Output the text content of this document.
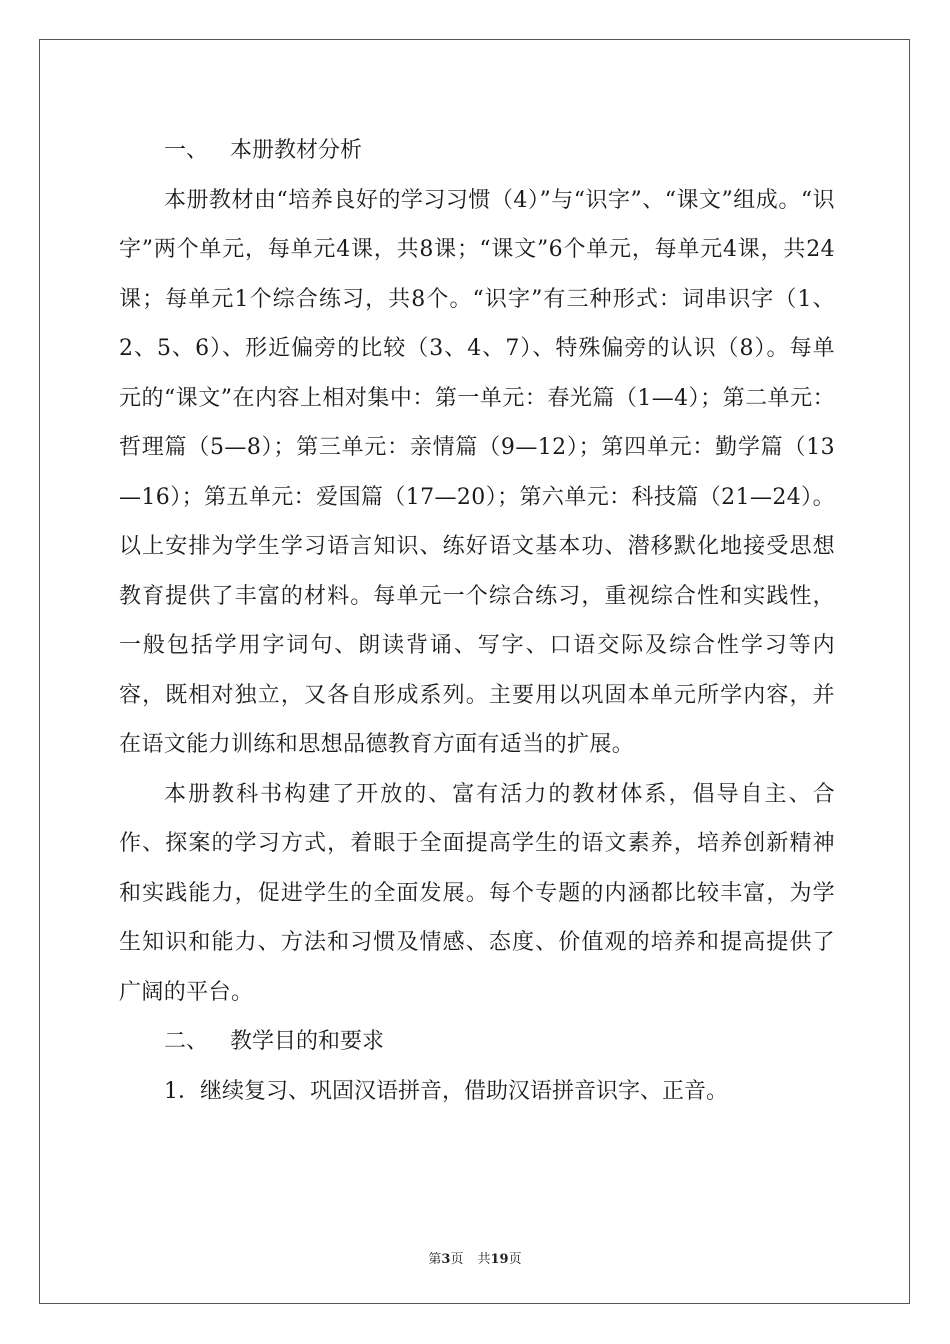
一、 本册教材分析

本册教材由“培养良好的学习习惯（4）”与“识字”、“课文”组成。“识字”两个单元，每单元4课，共8课；“课文”6个单元，每单元4课，共24课；每单元1个综合练习，共8个。“识字”有三种形式：词串识字（1、2、5、6）、形近偏旁的比较（3、4、7）、特殊偏旁的认识（8）。每单元的“课文”在内容上相对集中：第一单元：春光篇（1—4）；第二单元：哲理篇（5—8）；第三单元：亲情篇（9—12）；第四单元：勤学篇（13—16）；第五单元：爱国篇（17—20）；第六单元：科技篇（21—24）。以上安排为学生学习语言知识、练好语文基本功、潜移默化地接受思想教育提供了丰富的材料。每单元一个综合练习，重视综合性和实践性，一般包括学用字词句、朗读背诵、写字、口语交际及综合性学习等内容，既相对独立，又各自形成系列。主要用以巩固本单元所学内容，并在语文能力训练和思想品德教育方面有适当的扩展。

本册教科书构建了开放的、富有活力的教材体系，倡导自主、合作、探案的学习方式，着眼于全面提高学生的语文素养，培养创新精神和实践能力，促进学生的全面发展。每个专题的内涵都比较丰富，为学生知识和能力、方法和习惯及情感、态度、价值观的培养和提高提供了广阔的平台。

二、 教学目的和要求

1．继续复习、巩固汉语拼音，借助汉语拼音识字、正音。

第3页 共19页
